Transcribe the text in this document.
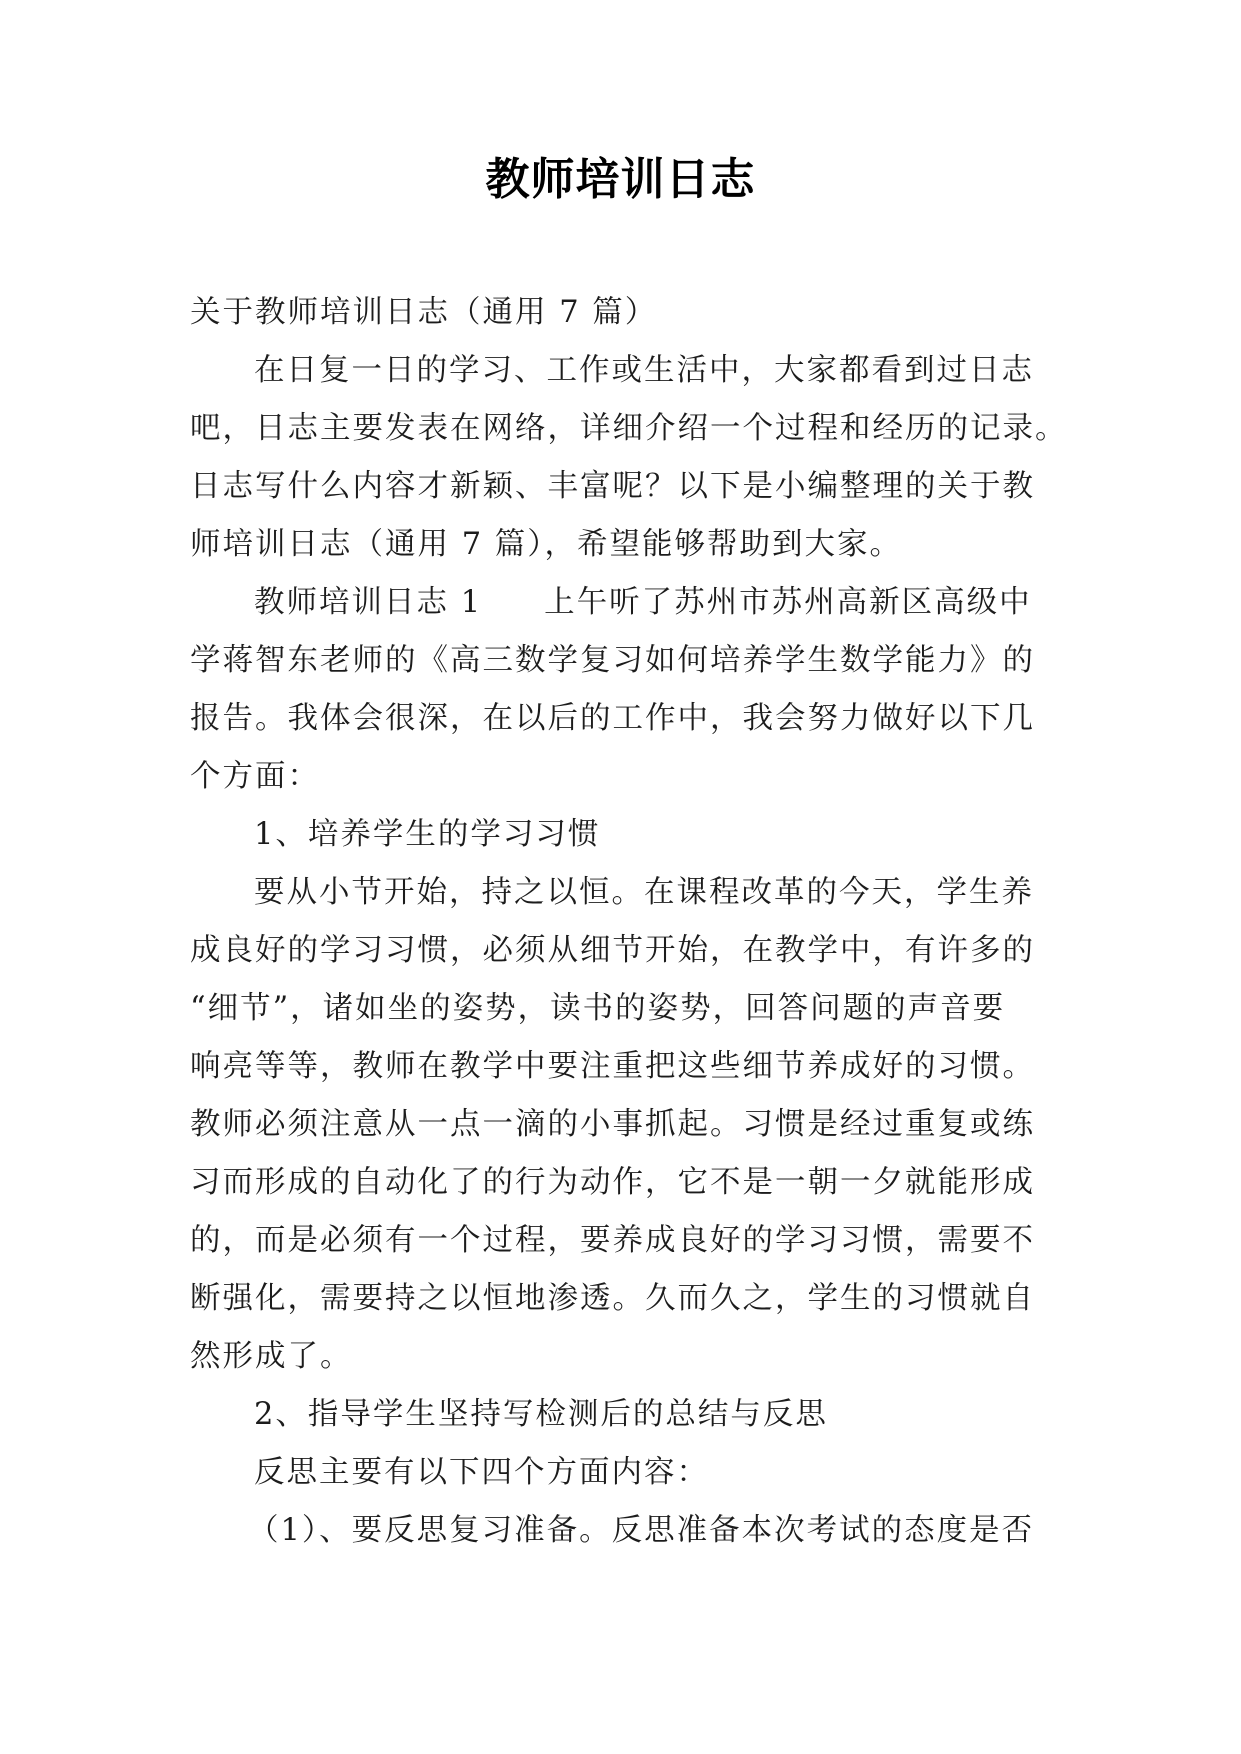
教师培训日志
关于教师培训日志（通用 7 篇）
在日复一日的学习、工作或生活中，大家都看到过日志
吧，日志主要发表在网络，详细介绍一个过程和经历的记录。
日志写什么内容才新颖、丰富呢？以下是小编整理的关于教
师培训日志（通用 7 篇），希望能够帮助到大家。
教师培训日志 1 上午听了苏州市苏州高新区高级中
学蒋智东老师的《高三数学复习如何培养学生数学能力》的
报告。我体会很深，在以后的工作中，我会努力做好以下几
个方面：
1、培养学生的学习习惯
要从小节开始，持之以恒。在课程改革的今天，学生养
成良好的学习习惯，必须从细节开始，在教学中，有许多的
“细节”，诸如坐的姿势，读书的姿势，回答问题的声音要
响亮等等，教师在教学中要注重把这些细节养成好的习惯。
教师必须注意从一点一滴的小事抓起。习惯是经过重复或练
习而形成的自动化了的行为动作，它不是一朝一夕就能形成
的，而是必须有一个过程，要养成良好的学习习惯，需要不
断强化，需要持之以恒地渗透。久而久之，学生的习惯就自
然形成了。
2、指导学生坚持写检测后的总结与反思
反思主要有以下四个方面内容：
（1）、要反思复习准备。反思准备本次考试的态度是否
